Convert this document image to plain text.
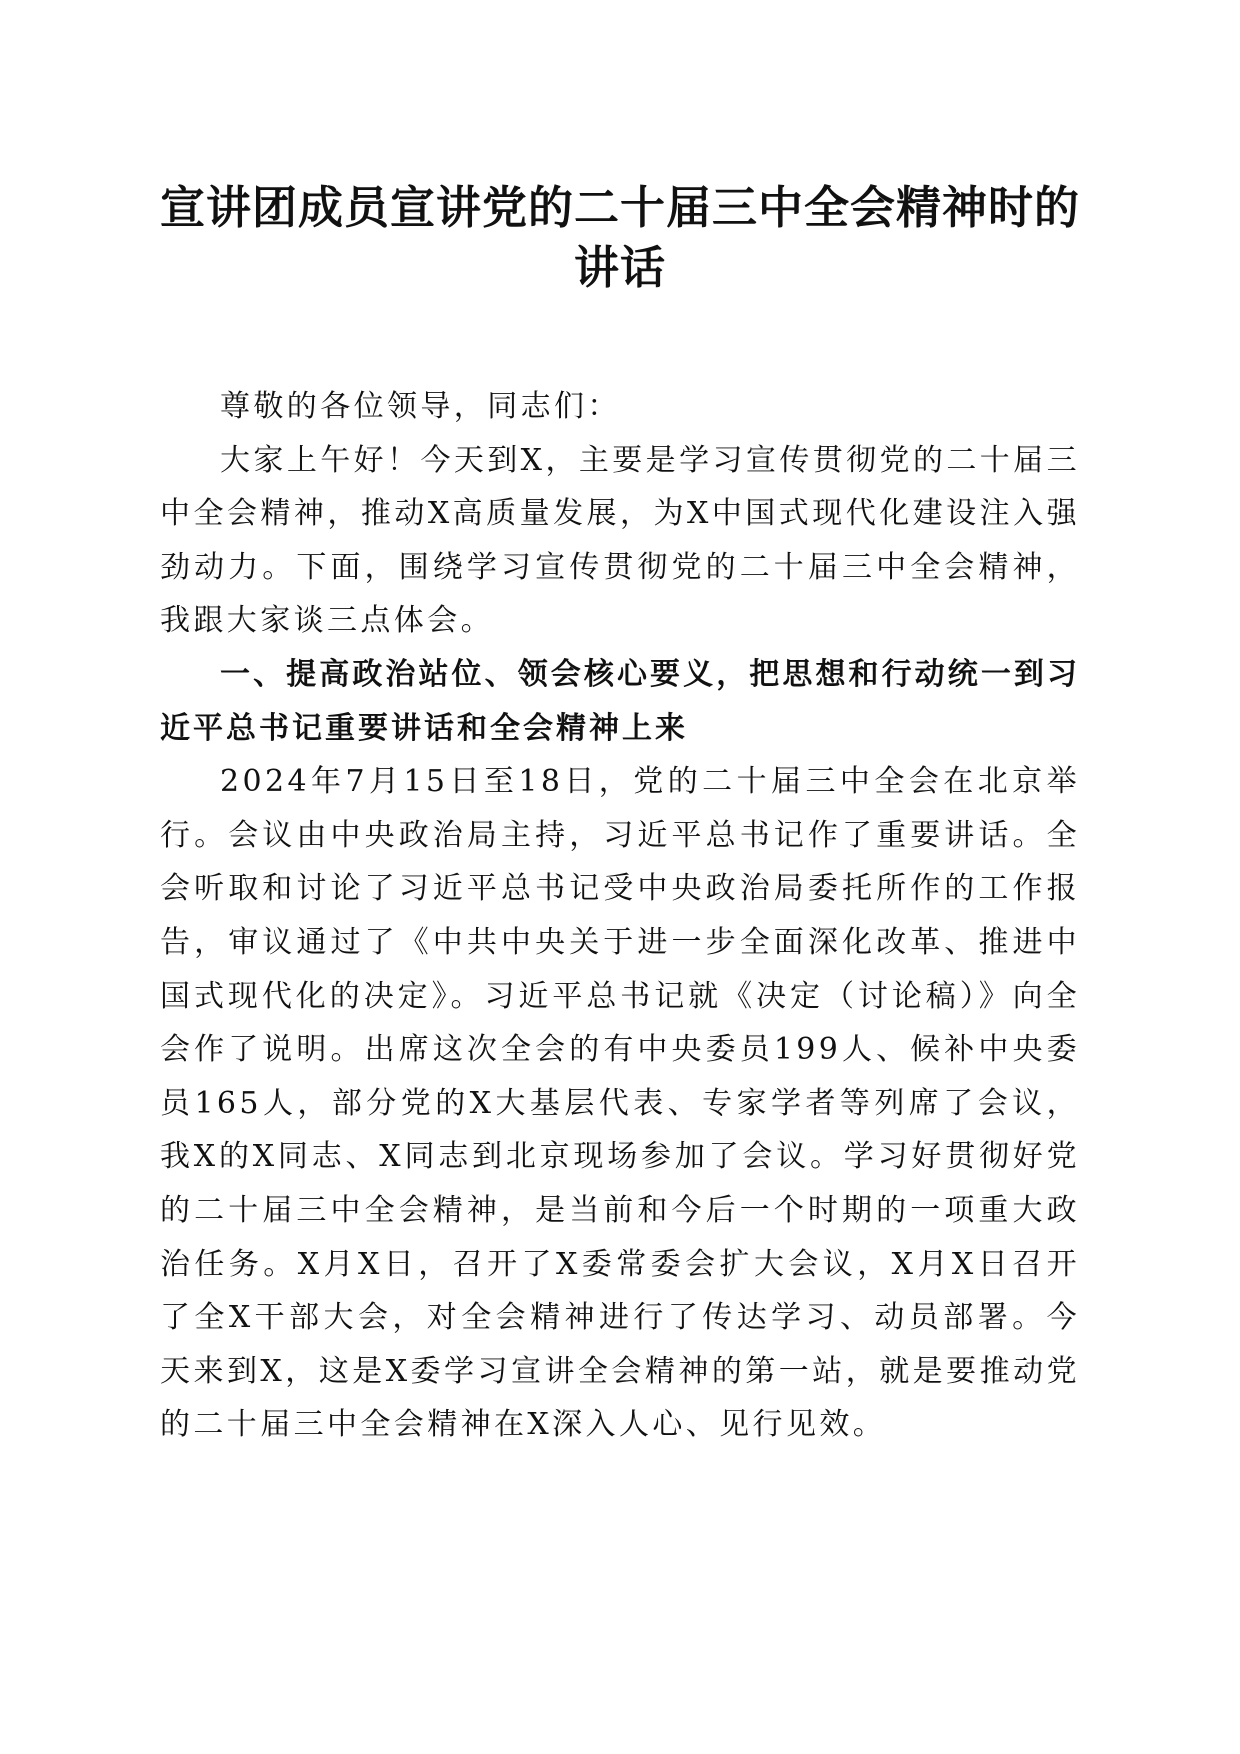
宣讲团成员宣讲党的二十届三中全会精神时的讲话

尊敬的各位领导，同志们：

大家上午好！今天到X，主要是学习宣传贯彻党的二十届三中全会精神，推动X高质量发展，为X中国式现代化建设注入强劲动力。下面，围绕学习宣传贯彻党的二十届三中全会精神，我跟大家谈三点体会。

一、提高政治站位、领会核心要义，把思想和行动统一到习近平总书记重要讲话和全会精神上来

2024年7月15日至18日，党的二十届三中全会在北京举行。会议由中央政治局主持，习近平总书记作了重要讲话。全会听取和讨论了习近平总书记受中央政治局委托所作的工作报告，审议通过了《中共中央关于进一步全面深化改革、推进中国式现代化的决定》。习近平总书记就《决定（讨论稿）》向全会作了说明。出席这次全会的有中央委员199人、候补中央委员165人，部分党的X大基层代表、专家学者等列席了会议，我X的X同志、X同志到北京现场参加了会议。学习好贯彻好党的二十届三中全会精神，是当前和今后一个时期的一项重大政治任务。X月X日，召开了X委常委会扩大会议，X月X日召开了全X干部大会，对全会精神进行了传达学习、动员部署。今天来到X，这是X委学习宣讲全会精神的第一站，就是要推动党的二十届三中全会精神在X深入人心、见行见效。
